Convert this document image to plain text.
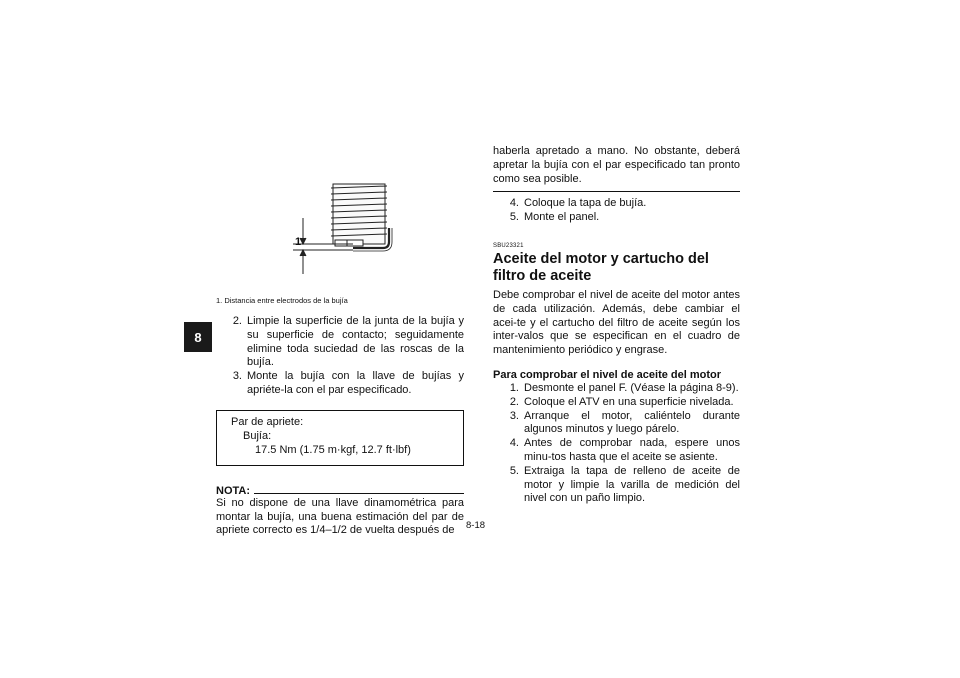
8
1
1. Distancia entre electrodos de la bujía
2. Limpie la superficie de la junta de la bujía y su superficie de contacto; seguidamente elimine toda suciedad de las roscas de la bujía.
3. Monte la bujía con la llave de bujías y apriéte-la con el par especificado.
Par de apriete:
Bujía:
17.5 Nm (1.75 m·kgf, 12.7 ft·lbf)
NOTA:

Si no dispone de una llave dinamométrica para montar la bujía, una buena estimación del par de apriete correcto es 1/4–1/2 de vuelta después de

haberla apretado a mano. No obstante, deberá apretar la bujía con el par especificado tan pronto como sea posible.

4. Coloque la tapa de bujía.
5. Monte el panel.
SBU23321
Aceite del motor y cartucho del filtro de aceite

Debe comprobar el nivel de aceite del motor antes de cada utilización. Además, debe cambiar el acei-te y el cartucho del filtro de aceite según los inter-valos que se especifican en el cuadro de mantenimiento periódico y engrase.

Para comprobar el nivel de aceite del motor
1. Desmonte el panel F. (Véase la página 8-9).
2. Coloque el ATV en una superficie nivelada.
3. Arranque el motor, caliéntelo durante algunos minutos y luego párelo.
4. Antes de comprobar nada, espere unos minu-tos hasta que el aceite se asiente.
5. Extraiga la tapa de relleno de aceite de motor y limpie la varilla de medición del nivel con un paño limpio.
8-18
